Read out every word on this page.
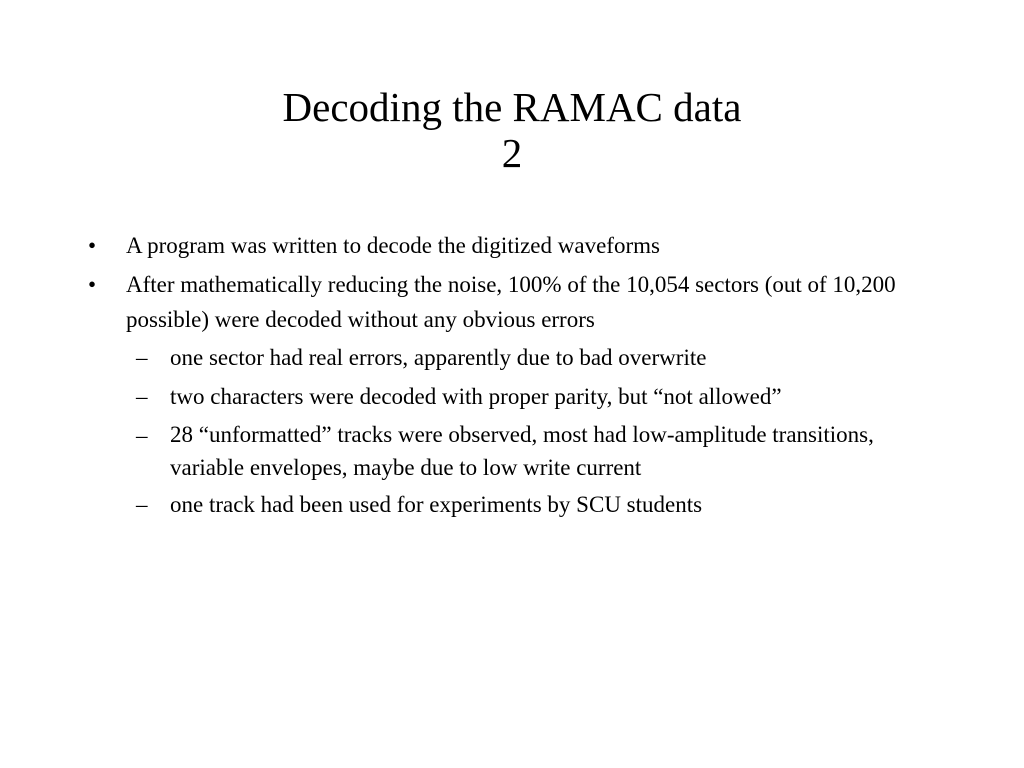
Decoding the RAMAC data
2
• A program was written to decode the digitized waveforms
• After mathematically reducing the noise, 100% of the 10,054 sectors (out of 10,200 possible) were decoded without any obvious errors
– one sector had real errors, apparently due to bad overwrite
– two characters were decoded with proper parity, but “not allowed”
– 28 “unformatted” tracks were observed, most had low-amplitude transitions, variable envelopes, maybe due to low write current
– one track had been used for experiments by SCU students
